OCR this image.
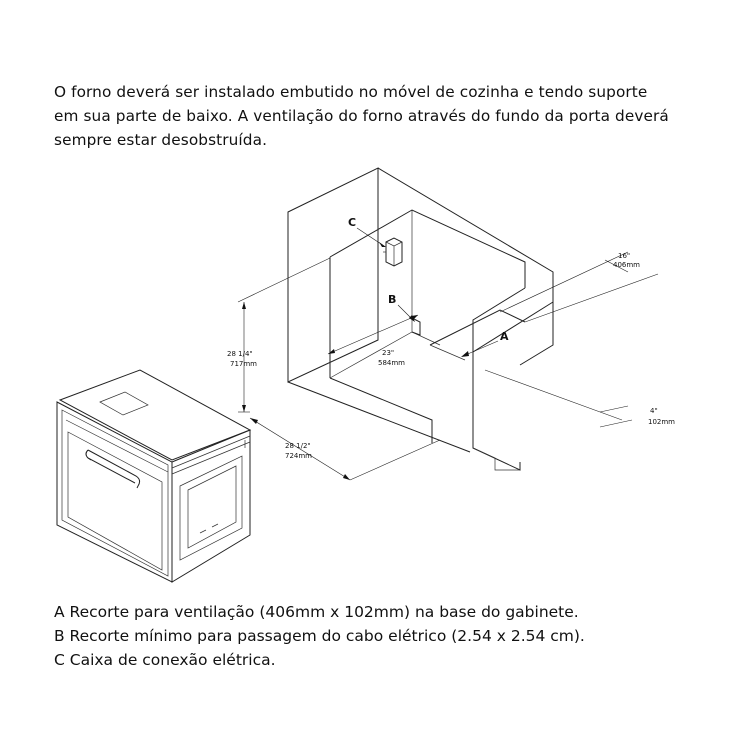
O forno deverá ser instalado embutido no móvel de cozinha e tendo suporte

em sua parte de baixo. A ventilação do forno através do fundo da porta deverá

sempre estar desobstruída.

C
B
A
28 1/4"
717mm
23"
584mm
28 1/2"
724mm
16"
406mm
4"
102mm

A Recorte para ventilação (406mm x 102mm) na base do gabinete.

B Recorte mínimo para passagem do cabo elétrico (2.54 x 2.54 cm).

C Caixa de conexão elétrica.
